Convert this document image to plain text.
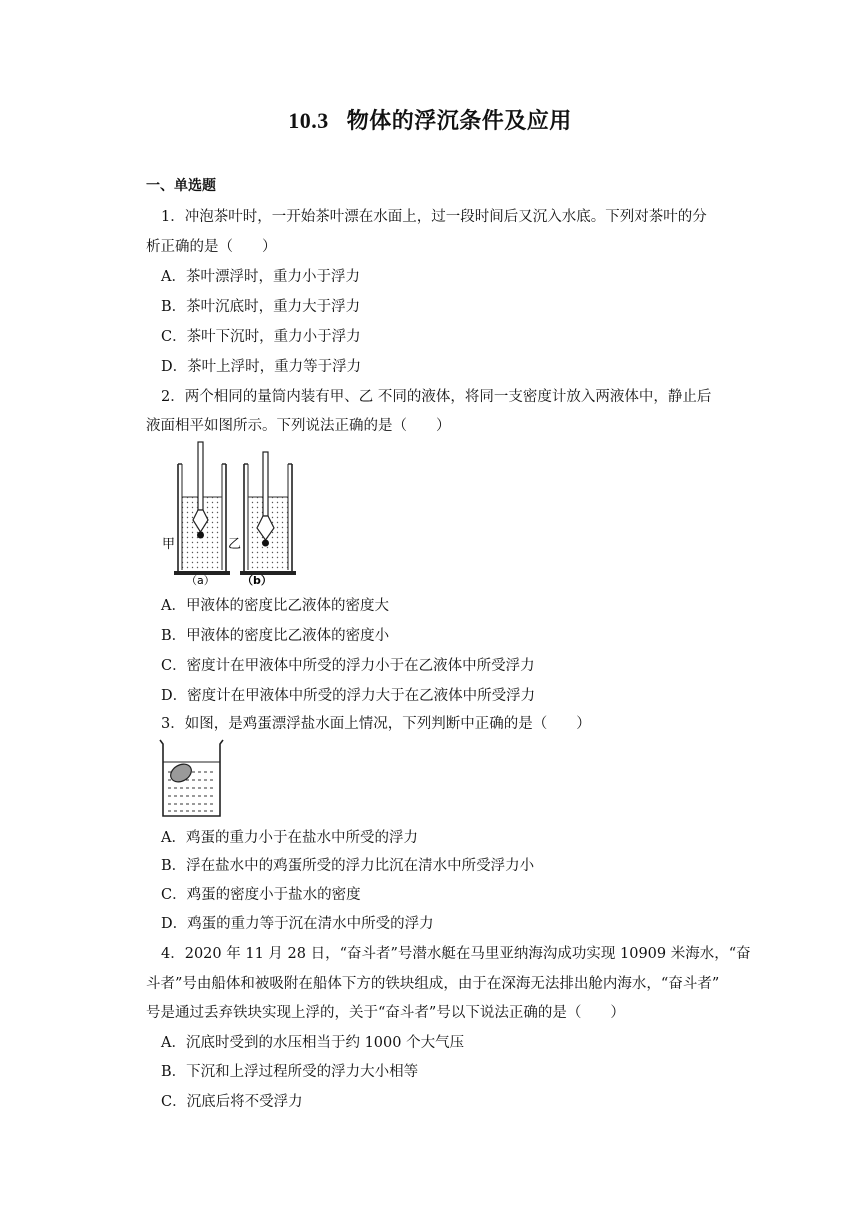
10.3 物体的浮沉条件及应用
一、单选题
1．冲泡茶叶时，一开始茶叶漂在水面上，过一段时间后又沉入水底。下列对茶叶的分
析正确的是（　　）
A．茶叶漂浮时，重力小于浮力
B．茶叶沉底时，重力大于浮力
C．茶叶下沉时，重力小于浮力
D．茶叶上浮时，重力等于浮力
2．两个相同的量筒内装有甲、乙 不同的液体，将同一支密度计放入两液体中，静止后
液面相平如图所示。下列说法正确的是（　　）
甲	乙
（a） （b）
A．甲液体的密度比乙液体的密度大
B．甲液体的密度比乙液体的密度小
C．密度计在甲液体中所受的浮力小于在乙液体中所受浮力
D．密度计在甲液体中所受的浮力大于在乙液体中所受浮力
3．如图，是鸡蛋漂浮盐水面上情况，下列判断中正确的是（　　）
A．鸡蛋的重力小于在盐水中所受的浮力
B．浮在盐水中的鸡蛋所受的浮力比沉在清水中所受浮力小
C．鸡蛋的密度小于盐水的密度
D．鸡蛋的重力等于沉在清水中所受的浮力
4．2020 年 11 月 28 日，“奋斗者”号潜水艇在马里亚纳海沟成功实现 10909 米海水，“奋
斗者”号由船体和被吸附在船体下方的铁块组成，由于在深海无法排出舱内海水，“奋斗者”
号是通过丢弃铁块实现上浮的，关于“奋斗者”号以下说法正确的是（　　）
A．沉底时受到的水压相当于约 1000 个大气压
B．下沉和上浮过程所受的浮力大小相等
C．沉底后将不受浮力
